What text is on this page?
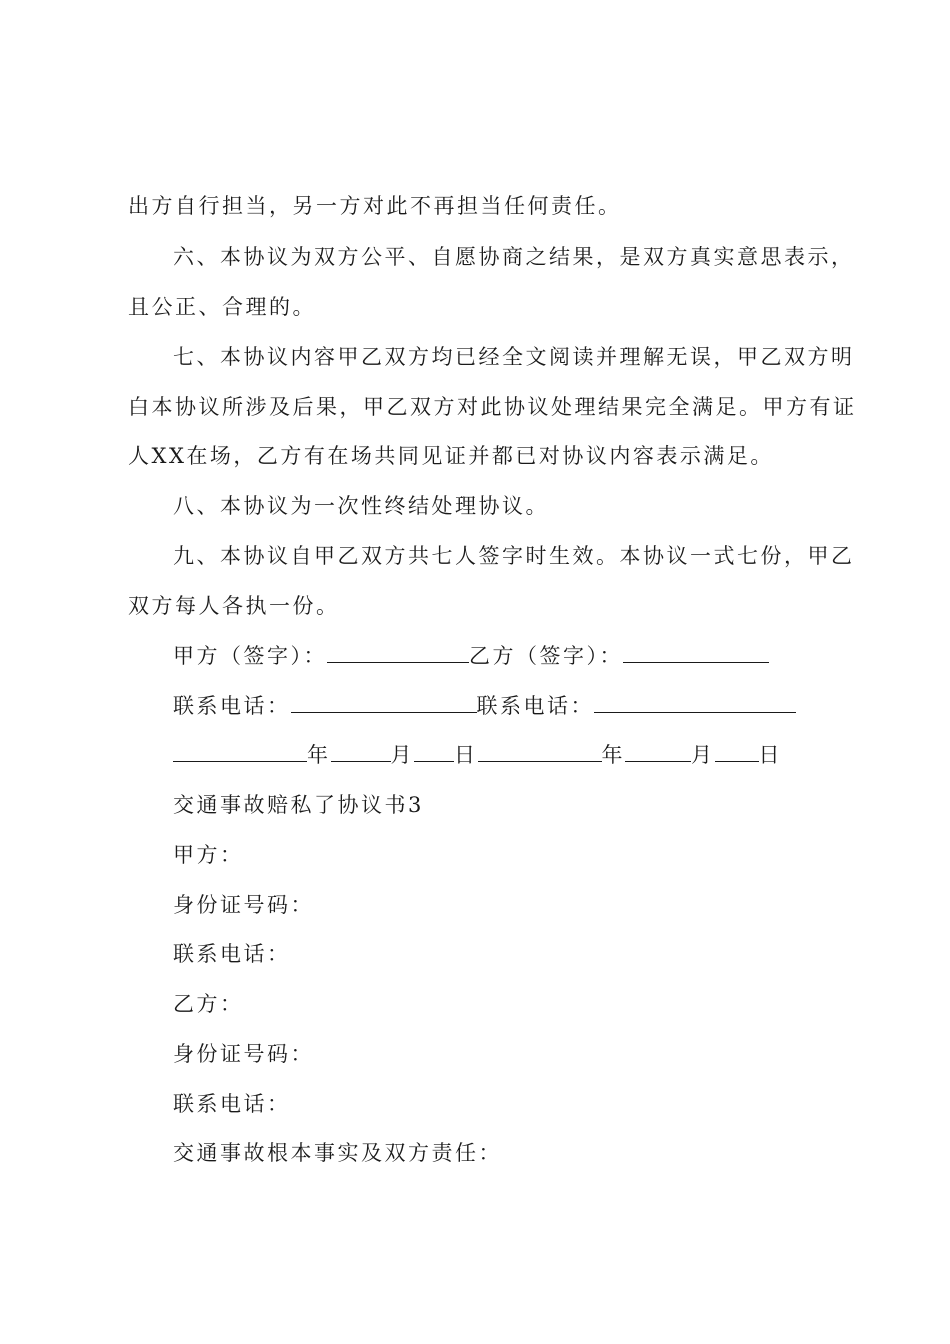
出方自行担当，另一方对此不再担当任何责任。
六、本协议为双方公平、自愿协商之结果，是双方真实意思表示，
且公正、合理的。
七、本协议内容甲乙双方均已经全文阅读并理解无误，甲乙双方明
白本协议所涉及后果，甲乙双方对此协议处理结果完全满足。甲方有证
人XX在场，乙方有在场共同见证并都已对协议内容表示满足。
八、本协议为一次性终结处理协议。
九、本协议自甲乙双方共七人签字时生效。本协议一式七份，甲乙
双方每人各执一份。
甲方（签字）：	乙方（签字）：
联系电话：	联系电话：
年	月 日	年	月 日
交通事故赔私了协议书3
甲方：
身份证号码：
联系电话：
乙方：
身份证号码：
联系电话：
交通事故根本事实及双方责任：
